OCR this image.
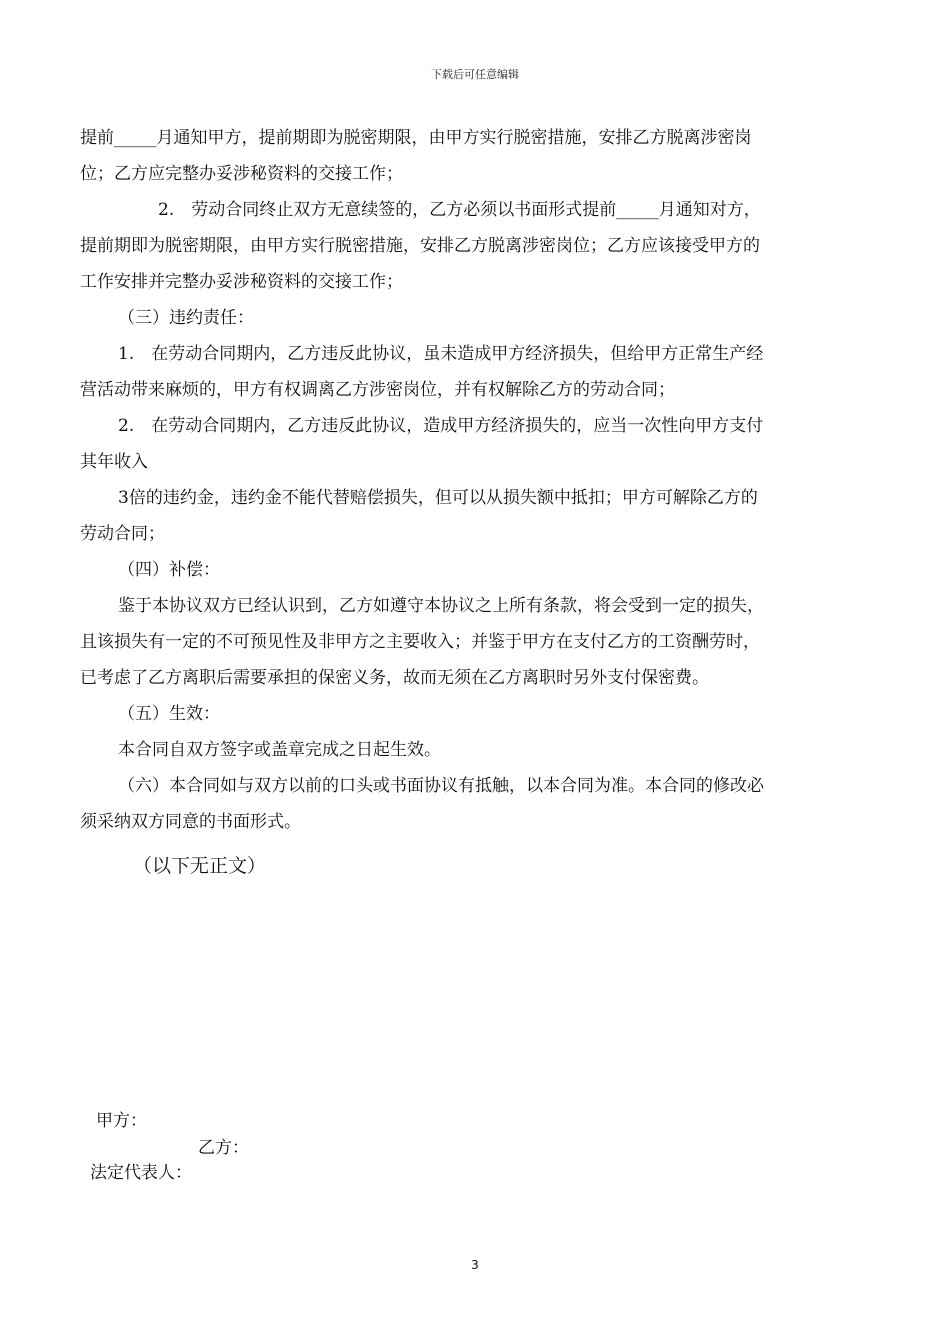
下载后可任意编辑

提前_____月通知甲方，提前期即为脱密期限，由甲方实行脱密措施，安排乙方脱离涉密岗

位；乙方应完整办妥涉秘资料的交接工作；

2.　劳动合同终止双方无意续签的，乙方必须以书面形式提前_____月通知对方，

提前期即为脱密期限，由甲方实行脱密措施，安排乙方脱离涉密岗位；乙方应该接受甲方的

工作安排并完整办妥涉秘资料的交接工作；

（三）违约责任：

1.　在劳动合同期内，乙方违反此协议，虽未造成甲方经济损失，但给甲方正常生产经

营活动带来麻烦的，甲方有权调离乙方涉密岗位，并有权解除乙方的劳动合同；

2.　在劳动合同期内，乙方违反此协议，造成甲方经济损失的，应当一次性向甲方支付

其年收入

3倍的违约金，违约金不能代替赔偿损失，但可以从损失额中抵扣；甲方可解除乙方的

劳动合同；

（四）补偿：

鉴于本协议双方已经认识到，乙方如遵守本协议之上所有条款，将会受到一定的损失，

且该损失有一定的不可预见性及非甲方之主要收入；并鉴于甲方在支付乙方的工资酬劳时，

已考虑了乙方离职后需要承担的保密义务，故而无须在乙方离职时另外支付保密费。

（五）生效：

本合同自双方签字或盖章完成之日起生效。

（六）本合同如与双方以前的口头或书面协议有抵触，以本合同为准。本合同的修改必

须采纳双方同意的书面形式。

（以下无正文）

甲方：
乙方：
法定代表人：
3
